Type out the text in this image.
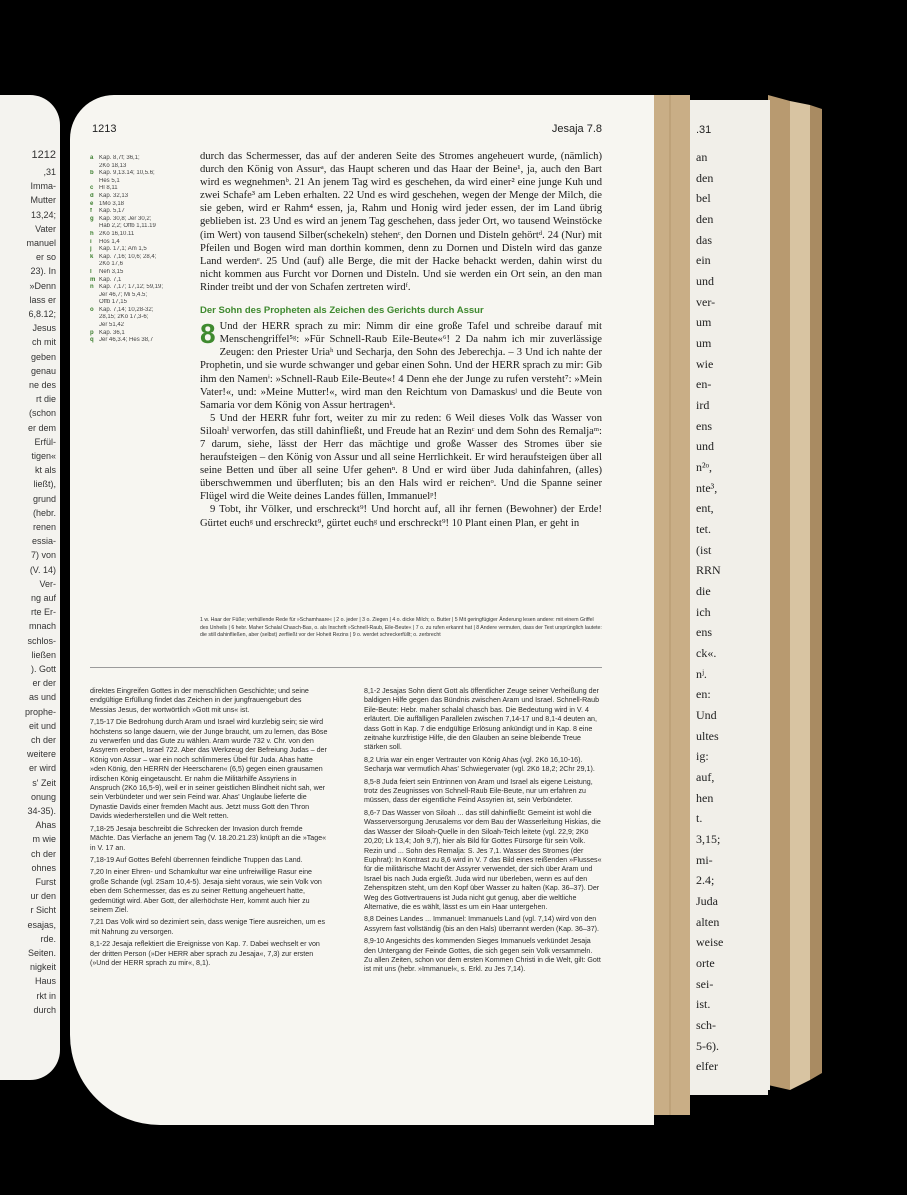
1212
,31
Imma-
Mutter
13,24;
Vater
manuel
er so
23). In
»Denn
lass er
6,8.12;
Jesus
ch mit
geben
genau
ne des
rt die
(schon
er dem
Erfül-
tigen«
kt als
ließt),
grund
(hebr.
renen
essia-
7) von
(V. 14)
Ver-
ng auf
rte Er-
mnach
schlos-
ließen
). Gott
er der
as und
prophe-
eit und
ch der
weitere
er wird
s' Zeit
onung
34-35).
Ahas
m wie
ch der
ohnes
Furst
ur den
r Sicht
esajas,
rde.
Seiten.
nigkeit
Haus
rkt in
durch
.31
an
den
bel
den
das
ein
und
ver-
um
um
wie
en-
ird
ens
und
n²ᵒ,
nte³,
ent,
tet.
(ist
RRN
die
ich
ens
ck«.
nʲ.
en:
Und
ultes
ig:
auf,
hen
t.
3,15;
mi-
2.4;
Juda
alten
weise
orte
sei-
ist.
sch-
5-6).
elfer
1213	Jesaja 7.8
a Kap. 8,7f; 36,1;
2Kö 18,13
b Kap. 9,13.14; 10,5.6;
Hes 5,1
c Hl 8,11
d Kap. 32,13
e 1Mo 3,18
f Kap. 5,17
g Kap. 30,8; Jer 30,2;
Hab 2,2; Offb 1,11.19
h 2Kö 16,10.11
i Hos 1,4
j Kap. 17,1; Am 1,5
k Kap. 7,16; 10,6; 28,4;
2Kö 17,6
l Neh 3,15
m Kap. 7,1
n Kap. 7,17; 17,12; 59,19;
Jer 46,7; Mi 5,4.5;
Offb 17,15
o Kap. 7,14; 10,28-32;
28,15; 2Kö 17,3-6;
Jer 51,42
p Kap. 36,1
q Jer 46,3.4; Hes 38,7

durch das Schermesser, das auf der anderen Seite des Stromes angeheuert wurde, (nämlich) durch den König von Assurᵃ, das Haupt scheren und das Haar der Beine¹, ja, auch den Bart wird es wegnehmenᵇ. 21 An jenem Tag wird es geschehen, da wird einer² eine junge Kuh und zwei Schafe³ am Leben erhalten. 22 Und es wird geschehen, wegen der Menge der Milch, die sie geben, wird er Rahm⁴ essen, ja, Rahm und Honig wird jeder essen, der im Land übrig geblieben ist. 23 Und es wird an jenem Tag geschehen, dass jeder Ort, wo tausend Weinstöcke (im Wert) von tausend Silber(schekeln) stehenᶜ, den Dornen und Disteln gehörtᵈ. 24 (Nur) mit Pfeilen und Bogen wird man dorthin kommen, denn zu Dornen und Disteln wird das ganze Land werdenᵉ. 25 Und (auf) alle Berge, die mit der Hacke behackt werden, dahin wirst du nicht kommen aus Furcht vor Dornen und Disteln. Und sie werden ein Ort sein, an den man Rinder treibt und der von Schafen zertreten wirdᶠ.

Der Sohn des Propheten als Zeichen des Gerichts durch Assur

8 Und der HERR sprach zu mir: Nimm dir eine große Tafel und schreibe darauf mit Menschengriffel⁵ᵍ: »Für Schnell-Raub Eile-Beute«⁶! 2 Da nahm ich mir zuverlässige Zeugen: den Priester Uriaʰ und Secharja, den Sohn des Jeberechja. – 3 Und ich nahte der Prophetin, und sie wurde schwanger und gebar einen Sohn. Und der HERR sprach zu mir: Gib ihm den Namenⁱ: »Schnell-Raub Eile-Beute«! 4 Denn ehe der Junge zu rufen versteht⁷: »Mein Vater!«, und: »Meine Mutter!«, wird man den Reichtum von Damaskusʲ und die Beute von Samaria vor dem König von Assur hertragenᵏ.

5 Und der HERR fuhr fort, weiter zu mir zu reden: 6 Weil dieses Volk das Wasser von Siloahˡ verworfen, das still dahinfließt, und Freude hat an Rezinᶜ und dem Sohn des Remaljaᵐ: 7 darum, siehe, lässt der Herr das mächtige und große Wasser des Stromes über sie heraufsteigen – den König von Assur und all seine Herrlichkeit. Er wird heraufsteigen über all seine Betten und über all seine Ufer gehenⁿ. 8 Und er wird über Juda dahinfahren, (alles) überschwemmen und überfluten; bis an den Hals wird er reichenᵒ. Und die Spanne seiner Flügel wird die Weite deines Landes füllen, Immanuelᵖ!

9 Tobt, ihr Völker, und erschreckt⁹! Und horcht auf, all ihr fernen (Bewohner) der Erde! Gürtet euchᵍ und erschreckt⁹, gürtet euchᵍ und erschreckt⁹! 10 Plant einen Plan, er geht in

1 w. Haar der Füße; verhüllende Rede für »Schamhaare« | 2 o. jeder | 3 o. Ziegen | 4 o. dicke Milch; o. Butter | 5 Mit geringfügiger Änderung lesen andere: mit einem Griffel des Unheils | 6 hebr. Maher Schalal Chasch-Bas, o. als Inschrift »Schnell-Raub, Eile-Beute« | 7 o. zu rufen erkannt hat | 8 Andere vermuten, dass der Text ursprünglich lautete: die still dahinfließen, aber (selbst) zerfließt vor der Hoheit Rezins | 9 o. werdet schreckerfüllt; o. zerbrecht

direktes Eingreifen Gottes in der menschlichen Geschichte; und seine endgültige Erfüllung findet das Zeichen in der jungfrauengeburt des Messias Jesus, der wortwörtlich »Gott mit uns« ist.

7,15-17 Die Bedrohung durch Aram und Israel wird kurzlebig sein; sie wird höchstens so lange dauern, wie der Junge braucht, um zu lernen, das Böse zu verwerfen und das Gute zu wählen. Aram wurde 732 v. Chr. von den Assyrern erobert, Israel 722. Aber das Werkzeug der Befreiung Judas – der König von Assur – war ein noch schlimmeres Übel für Juda. Ahas hatte »den König, den HERRN der Heerscharen« (6,5) gegen einen grausamen irdischen König eingetauscht. Er nahm die Militärhilfe Assyriens in Anspruch (2Kö 16,5-9), weil er in seiner geistlichen Blindheit nicht sah, wer sein Verbündeter und wer sein Feind war. Ahas' Unglaube lieferte die Dynastie Davids einer fremden Macht aus. Jetzt muss Gott den Thron Davids wiederherstellen und die Welt retten.

7,18-25 Jesaja beschreibt die Schrecken der Invasion durch fremde Mächte. Das Vierfache an jenem Tag (V. 18.20.21.23) knüpft an die »Tage« in V. 17 an.

7,18-19 Auf Gottes Befehl überrennen feindliche Truppen das Land.

7,20 In einer Ehren- und Schamkultur war eine unfreiwillige Rasur eine große Schande (vgl. 2Sam 10,4-5). Jesaja sieht voraus, wie sein Volk von eben dem Schermesser, das es zu seiner Rettung angeheuert hatte, gedemütigt wird. Aber Gott, der allerhöchste Herr, kommt auch hier zu seinem Ziel.

7,21 Das Volk wird so dezimiert sein, dass wenige Tiere ausreichen, um es mit Nahrung zu versorgen.

8,1-22 Jesaja reflektiert die Ereignisse von Kap. 7. Dabei wechselt er von der dritten Person (»Der HERR aber sprach zu Jesaja«, 7,3) zur ersten (»Und der HERR sprach zu mir«, 8,1).

8,1-2 Jesajas Sohn dient Gott als öffentlicher Zeuge seiner Verheißung der baldigen Hilfe gegen das Bündnis zwischen Aram und Israel. Schnell-Raub Eile-Beute: Hebr. maher schalal chasch bas. Die Bedeutung wird in V. 4 erläutert. Die auffälligen Parallelen zwischen 7,14-17 und 8,1-4 deuten an, dass Gott in Kap. 7 die endgültige Erlösung ankündigt und in Kap. 8 eine zeitnahe kurzfristige Hilfe, die den Glauben an seine bleibende Treue stärken soll.

8,2 Uria war ein enger Vertrauter von König Ahas (vgl. 2Kö 16,10-16). Secharja war vermutlich Ahas' Schwiegervater (vgl. 2Kö 18,2; 2Chr 29,1).

8,5-8 Juda feiert sein Entrinnen von Aram und Israel als eigene Leistung, trotz des Zeugnisses von Schnell-Raub Eile-Beute, nur um erfahren zu müssen, dass der eigentliche Feind Assyrien ist, sein Verbündeter.

8,6-7 Das Wasser von Siloah ... das still dahinfließt: Gemeint ist wohl die Wasserversorgung Jerusalems vor dem Bau der Wasserleitung Hiskias, die das Wasser der Siloah-Quelle in den Siloah-Teich leitete (vgl. 22,9; 2Kö 20,20; Lk 13,4; Joh 9,7), hier als Bild für Gottes Fürsorge für sein Volk. Rezin und ... Sohn des Remalja: S. Jes 7,1. Wasser des Stromes (der Euphrat): In Kontrast zu 8,6 wird in V. 7 das Bild eines reißenden »Flusses« für die militärische Macht der Assyrer verwendet, der sich über Aram und Israel bis nach Juda ergießt. Juda wird nur überleben, wenn es auf den Zehenspitzen steht, um den Kopf über Wasser zu halten (Kap. 36–37). Der Weg des Gottvertrauens ist Juda nicht gut genug, aber die weltliche Alternative, die es wählt, lässt es um ein Haar untergehen.

8,8 Deines Landes ... Immanuel: Immanuels Land (vgl. 7,14) wird von den Assyrern fast vollständig (bis an den Hals) überrannt werden (Kap. 36–37).

8,9-10 Angesichts des kommenden Sieges Immanuels verkündet Jesaja den Untergang der Feinde Gottes, die sich gegen sein Volk versammeln. Zu allen Zeiten, schon vor dem ersten Kommen Christi in die Welt, gilt: Gott ist mit uns (hebr. »Immanuel«, s. Erkl. zu Jes 7,14).
